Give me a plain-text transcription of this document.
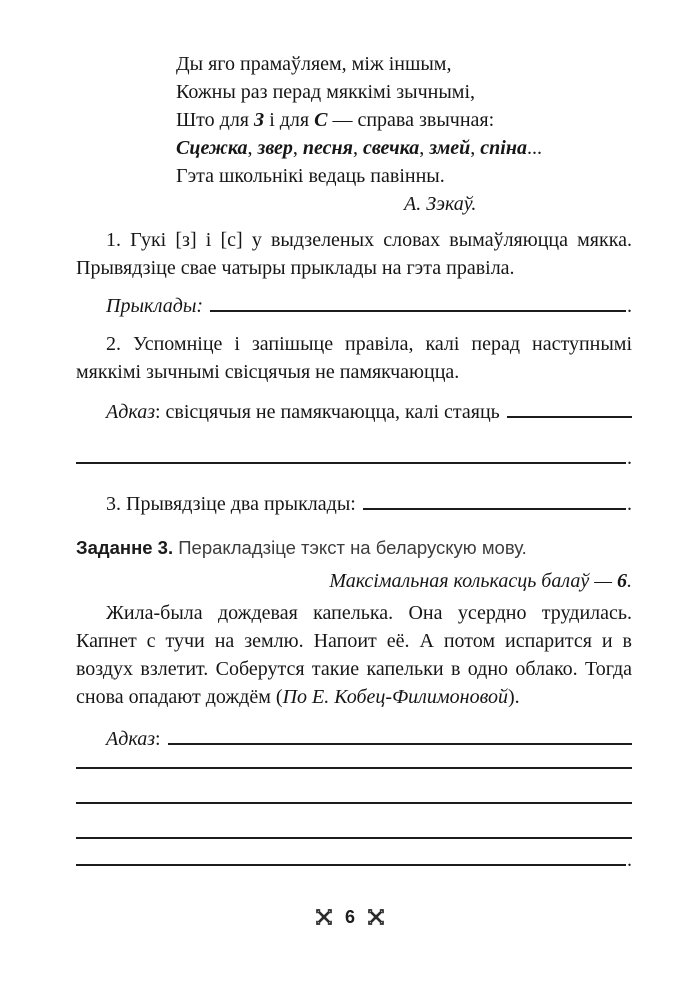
Ды яго прамаўляем, між іншым,
Кожны раз перад мяккімі зычнымі,
Што для З і для С — справа звычная:
Сцежка, звер, песня, свечка, змей, спіна...
Гэта школьнікі ведаць павінны.
А. Зэкаў.

1. Гукі [з] і [с] у выдзеленых словах вымаўляюцца мякка. Прывядзіце свае чатыры прыклады на гэта правіла.

Прыклады:	.

2. Успомніце і запішыце правіла, калі перад наступнымі мяккімі зычнымі свісцячыя не памякчаюцца.

Адказ: свісцячыя не памякчаюцца, калі стаяць
.
3. Прывядзіце два прыклады:	.
Заданне 3. Перакладзіце тэкст на беларускую мову.
Максімальная колькасць балаў — 6.

Жила-была дождевая капелька. Она усердно трудилась. Капнет с тучи на землю. Напоит её. А потом испарится и в воздух взлетит. Соберутся такие капельки в одно облако. Тогда снова опадают дождём (По Е. Кобец-Филимоновой).

Адказ:
.
6
